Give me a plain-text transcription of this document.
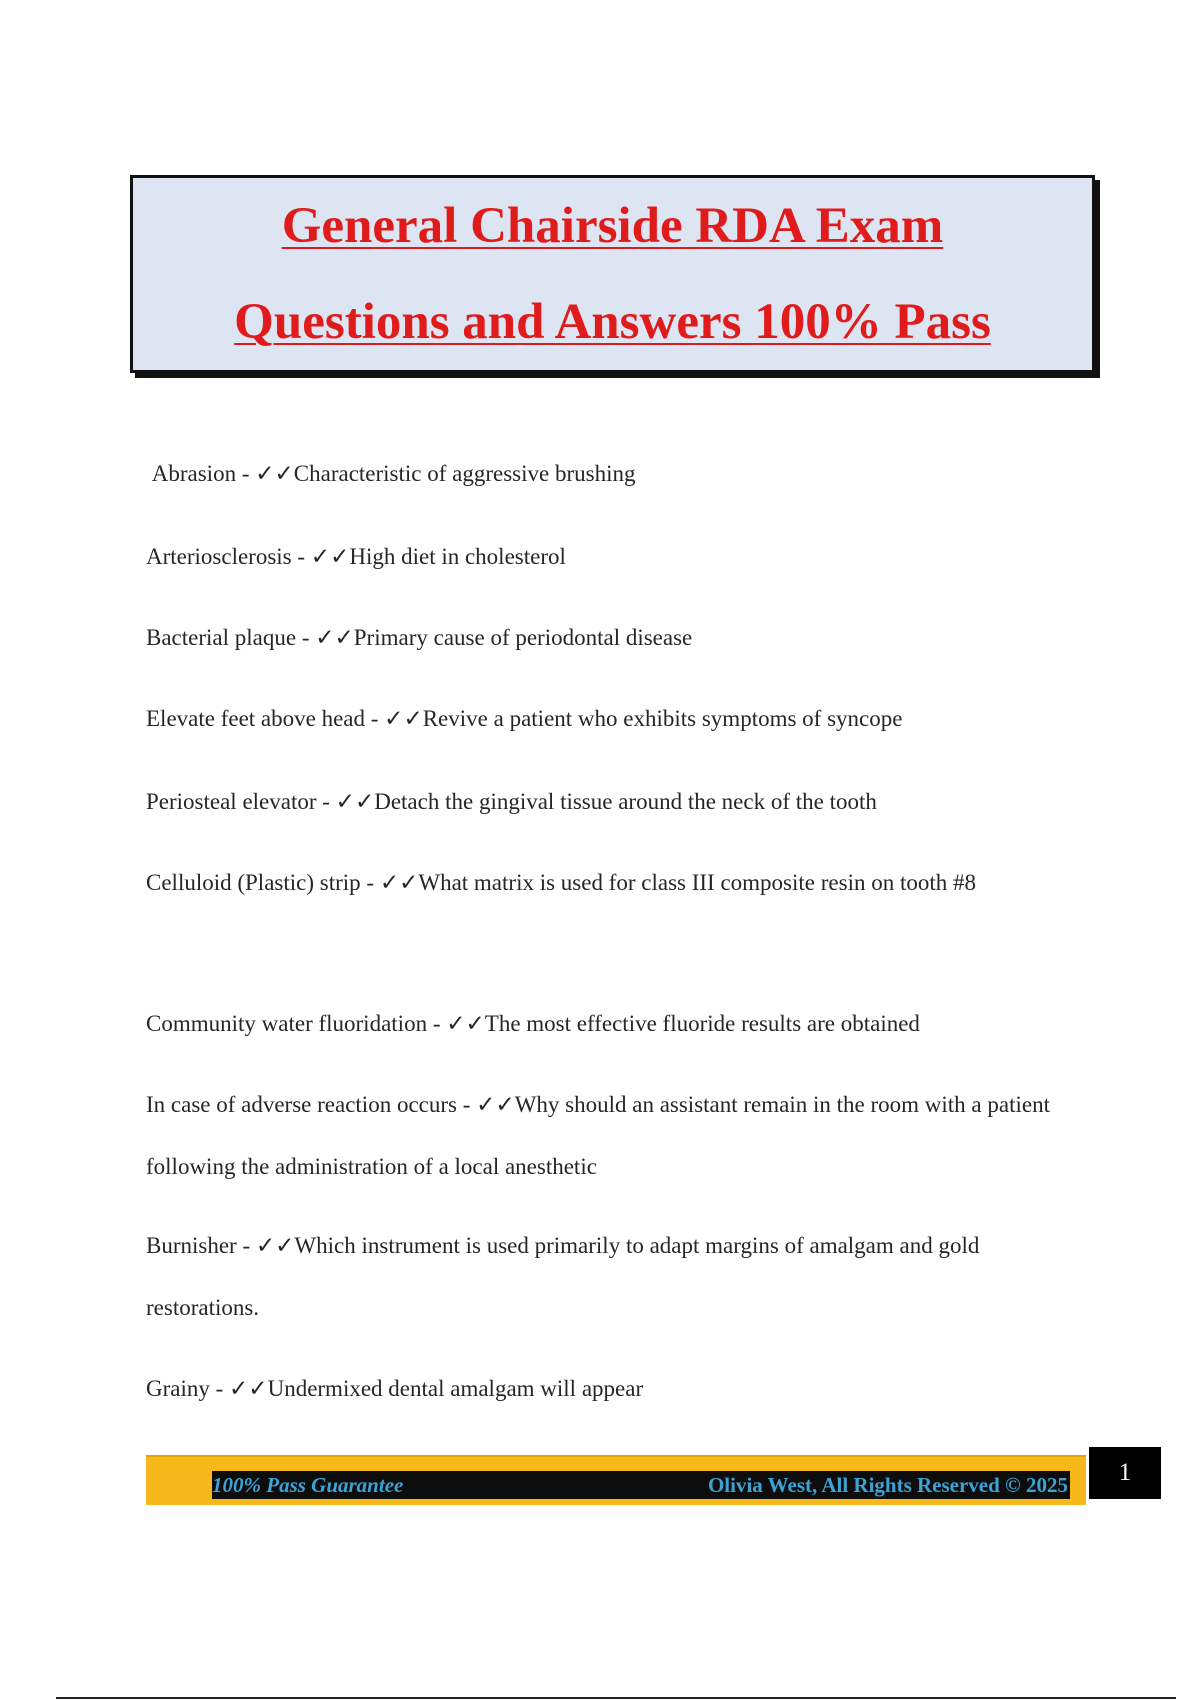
General Chairside RDA Exam
Questions and Answers 100% Pass
Abrasion - ✓✓Characteristic of aggressive brushing
Arteriosclerosis - ✓✓High diet in cholesterol
Bacterial plaque - ✓✓Primary cause of periodontal disease
Elevate feet above head - ✓✓Revive a patient who exhibits symptoms of syncope
Periosteal elevator - ✓✓Detach the gingival tissue around the neck of the tooth
Celluloid (Plastic) strip - ✓✓What matrix is used for class III composite resin on tooth #8
Community water fluoridation - ✓✓The most effective fluoride results are obtained
In case of adverse reaction occurs - ✓✓Why should an assistant remain in the room with a patient following the administration of a local anesthetic
Burnisher - ✓✓Which instrument is used primarily to adapt margins of amalgam and gold restorations.
Grainy - ✓✓Undermixed dental amalgam will appear
100% Pass Guarantee	Olivia West, All Rights Reserved © 2025	1
